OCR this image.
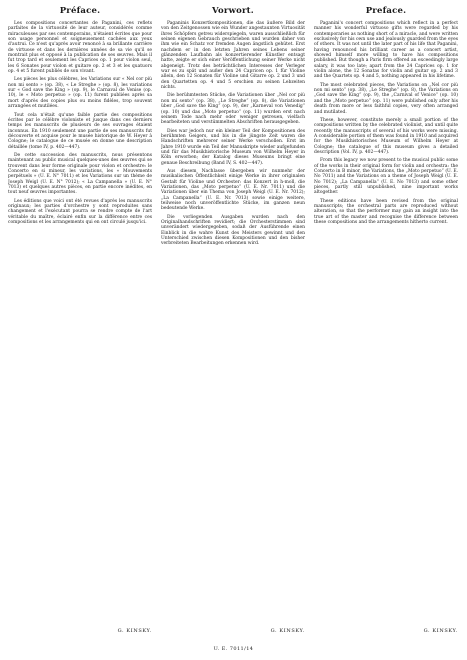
Préface.

Les compositions concertantes de Paganini, ces reflets parfaites de la virtuosité de leur auteur, considérés comme miraculeuses par ses contemporains, n'étaient écrites que pour son usage personnel et soigneusement cachées aux yeux d'autrui. Ce n'est qu'après avoir renoncé à sa brillante carrière de virtuose et dans les dernières années de sa vie qu'il se montrait plus et opposé à la publication de ses œuvres. Mais il fut trop tard et seulement les Caprices op. 1 pour violon seul, les 6 Sonates pour violon et guitare op. 2 et 3 et les quatuors op. 4 et 5 furent publiés de son vivant.

Les pièces les plus célèbres, les Variations sur « Nel cor più non mi sento » (op. 38), « Le Streghe » (op. 8), les variations sur « God save the King » (op. 9), le Carnaval de Venise (op. 10), le « Moto perpetuo » (op. 11) furent publiées après sa mort d'après des copies plus ou moins fidèles, trop souvent arrangées et mutilées.

Tout cela n'était qu'une faible partie des compositions écrites par le célèbre violoniste et jusque dans ces derniers temps les manuscrits de plusieurs de ses ouvrages étaient inconnus. En 1910 seulement une partie de ses manuscrits fut découverte et acquise pour le musée historique de W. Heyer à Cologne; le catalogue de ce musée en donne une description détaillée (tome IV, p. 402—447).

De cette succession des manuscrits, nous présentons maintenant au public musical quelques-unes des œuvres qui se trouvent dans leur forme originale pour violon et orchestre: le Concerto en si mineur, les variations, les « Mouvements perpétuels » (U. E. N° 7011) et les Variations sur un thème de Joseph Weigl (U. E. N° 7012); « La Campanella » (U. E. N° 7013) et quelques autres pièces, en partie encore inédites, en tout neuf œuvres importantes.

Les éditions que voici ont été revues d'après les manuscrits originaux; les parties d'orchestre y sont reproduites sans changement et l'exécutant pourra se rendre compte de l'art véritable du maître, éclairé enfin sur la différence entre ces compositions et les arrangements qui en ont circulé jusqu'ici.

Vorwort.

Paganinis Konzertkompositionen, die das äußere Bild der von den Zeitgenossen wie ein Wunder angestaunten Virtuosität ihres Schöpfers getreu widerspiegeln, waren ausschließlich für seinen eigenen Gebrauch geschrieben und wurden daher von ihm wie ein Schatz vor fremden Augen ängstlich gehütet. Erst nachdem er in den letzten Jahren seines Lebens seiner glänzenden Laufbahn als konzertierender Künstler entsagt hatte, zeigte er sich einer Veröffentlichung seiner Werke nicht abgeneigt. Trotz des beträchtlichen Interesses der Verleger war es zu spät und außer den 24 Capricen op. 1 für Violine allein, den 12 Sonaten für Violine und Gitarre op. 2 und 3 und den Quartetten op. 4 und 5 erschien zu seinen Lebzeiten nichts.

Die berühmtesten Stücke, die Variationen über „Nel cor più non mi sento“ (op. 38), „Le Streghe“ (op. 8), die Variationen über „God save the King“ (op. 9), der „Karneval von Venedig“ (op. 10) und das „Moto perpetuo“ (op. 11) wurden erst nach seinem Tode nach mehr oder weniger getreuen, vielfach bearbeiteten und verstümmelten Abschriften herausgegeben.

Dies war jedoch nur ein kleiner Teil der Kompositionen des berühmten Geigers, und bis in die jüngste Zeit waren die Handschriften mehrerer seiner Werke verschollen. Erst im Jahre 1910 wurde ein Teil der Manuskripte wieder aufgefunden und für das Musikhistorische Museum von Wilhelm Heyer in Köln erworben; der Katalog dieses Museums bringt eine genaue Beschreibung (Band IV, S. 402—447).

Aus diesem Nachlasse übergeben wir nunmehr der musikalischen Öffentlichkeit einige Werke in ihrer originalen Gestalt für Violine und Orchester: das Konzert in h-moll, die Variationen, das „Moto perpetuo“ (U. E. Nr. 7011) und die Variationen über ein Thema von Joseph Weigl (U. E. Nr. 7012); „La Campanella“ (U. E. Nr. 7013) sowie einige weitere, teilweise noch unveröffentlichte Stücke, im ganzen neun bedeutende Werke.

Die vorliegenden Ausgaben wurden nach den Originalhandschriften revidiert; die Orchesterstimmen sind unverändert wiedergegeben, sodaß der Ausführende einen Einblick in die wahre Kunst des Meisters gewinnt und den Unterschied zwischen diesen Kompositionen und den bisher verbreiteten Bearbeitungen erkennen wird.

Preface.

Paganini's concert compositions which reflect in a perfect manner his wonderful virtuoso gifts were regarded by his contemporaries as nothing short of a miracle, and were written exclusively for his own use and jealously guarded from the eyes of others. It was not until the later part of his life that Paganini, having renounced his brilliant career as a concert artist, showed himself more willing to have his compositions published. But though a Paris firm offered an exceedingly large salary, it was too late; apart from the 24 Caprices op. 1 for violin alone, the 12 Sonatas for violin and guitar op. 2 and 3 and the Quartets op. 4 and 5, nothing appeared in his lifetime.

The most celebrated pieces, the Variations on „Nel cor più non mi sento“ (op. 38), „Le Streghe“ (op. 8), the Variations on „God save the King“ (op. 9), the „Carnival of Venice“ (op. 10) and the „Moto perpetuo“ (op. 11) were published only after his death from more or less faithful copies, very often arranged and mutilated.

These, however, constitute merely a small portion of the compositions written by the celebrated violinist, and until quite recently the manuscripts of several of his works were missing. A considerable portion of them was found in 1910 and acquired for the Musikhistorisches Museum of Wilhelm Heyer at Cologne; the catalogue of this museum gives a detailed description (Vol. IV, p. 402—447).

From this legacy we now present to the musical public some of the works in their original form for violin and orchestra: the Concerto in B minor, the Variations, the „Moto perpetuo“ (U. E. No 7011) and the Variations on a theme of Joseph Weigl (U. E. No 7012); „La Campanella“ (U. E. No 7013) and some other pieces, partly still unpublished, nine important works altogether.

These editions have been revised from the original manuscripts; the orchestral parts are reproduced without alteration, so that the performer may gain an insight into the true art of the master and recognise the difference between these compositions and the arrangements hitherto current.

G. KINSKY.	G. KINSKY.	G. KINSKY.
U. E. 7011/14
